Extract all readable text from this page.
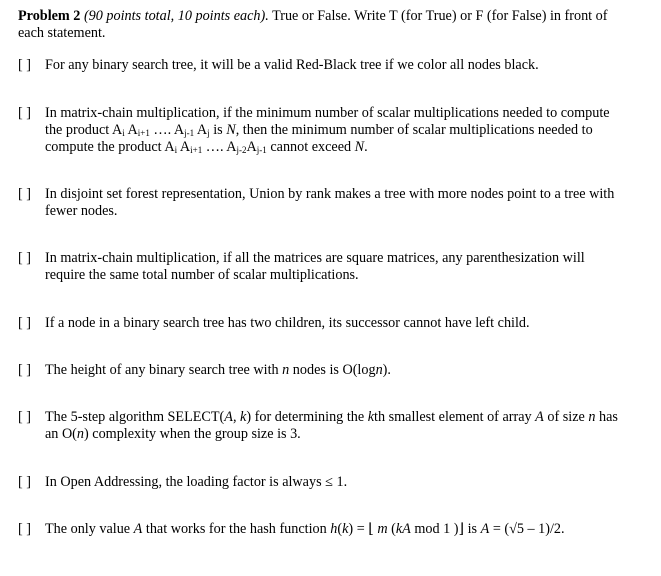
Problem 2 (90 points total, 10 points each). True or False. Write T (for True) or F (for False) in front of
each statement.
[ ] For any binary search tree, it will be a valid Red-Black tree if we color all nodes black.
[ ] In matrix-chain multiplication, if the minimum number of scalar multiplications needed to compute
the product $A_i$ $A_{i+1}$ …. $A_{j-1}$ $A_j$ is N, then the minimum number of scalar multiplications needed to
compute the product $A_i$ $A_{i+1}$ …. $A_{j-2}A_{j-1}$ cannot exceed N.
[ ] In disjoint set forest representation, Union by rank makes a tree with more nodes point to a tree with
fewer nodes.
[ ] In matrix-chain multiplication, if all the matrices are square matrices, any parenthesization will
require the same total number of scalar multiplications.
[ ] If a node in a binary search tree has two children, its successor cannot have left child.
[ ] The height of any binary search tree with n nodes is O(logn).
[ ] The 5-step algorithm SELECT(A, k) for determining the kth smallest element of array A of size n has
an O(n) complexity when the group size is 3.
[ ] In Open Addressing, the loading factor is always ≤ 1.
[ ] The only value A that works for the hash function h(k) = ⌊ m (kA mod 1 )⌋ is A = (√5 – 1)/2.
